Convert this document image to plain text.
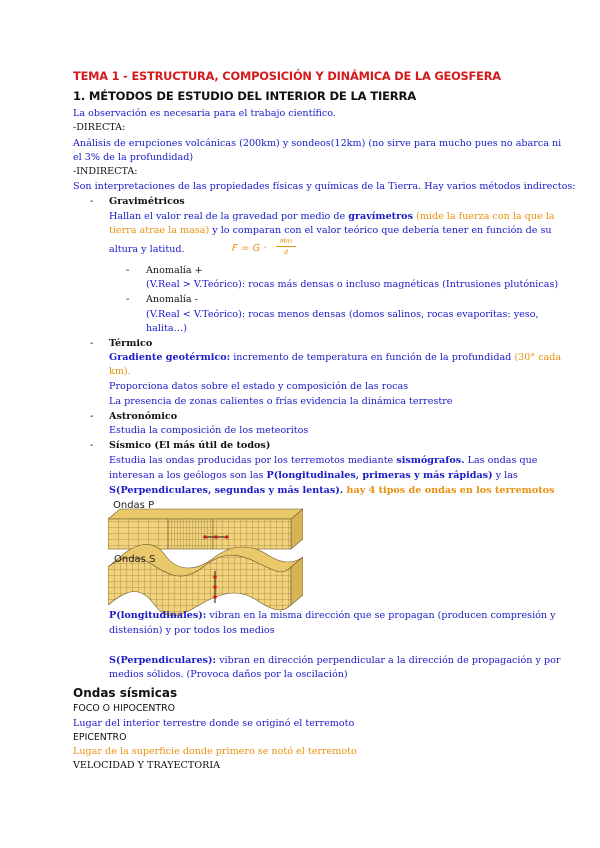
TEMA 1 - ESTRUCTURA, COMPOSICIÓN Y DINÁMICA DE LA GEOSFERA
1. MÉTODOS DE ESTUDIO DEL INTERIOR DE LA TIERRA
La observación es necesaria para el trabajo científico.
-DIRECTA:
Análisis de erupciones volcánicas (200km) y sondeos(12km) (no sirve para mucho pues no abarca ni
el 3% de la profundidad)
-INDIRECTA:
Son interpretaciones de las propiedades físicas y químicas de la Tierra. Hay varios métodos indirectos:
- Gravimétricos
Hallan el valor real de la gravedad por medio de gravímetros (mide la fuerza con la que la
tierra atrae la masa) y lo comparan con el valor teórico que debería tener en función de su
altura y latitud.	F = G ·
Mm
d
- Anomalía +
(V.Real > V.Teórico): rocas más densas o incluso magnéticas (Intrusiones plutónicas)
- Anomalía -
(V.Real < V.Teórico): rocas menos densas (domos salinos, rocas evaporitas: yeso,
halita…)
- Térmico
Gradiente geotérmico: incremento de temperatura en función de la profundidad (30° cada
km).
Proporciona datos sobre el estado y composición de las rocas
La presencia de zonas calientes o frías evidencia la dinámica terrestre
- Astronómico
Estudia la composición de los meteoritos
- Sísmico (El más útil de todos)
Estudia las ondas producidas por los terremotos mediante sismógrafos. Las ondas que
interesan a los geólogos son las P(longitudinales, primeras y más rápidas) y las
S(Perpendiculares, segundas y más lentas). hay 4 tipos de ondas en los terremotos
Ondas P
Ondas S
P(longitudinales): vibran en la misma dirección que se propagan (producen compresión y
distensión) y por todos los medios
S(Perpendiculares): vibran en dirección perpendicular a la dirección de propagación y por
medios sólidos. (Provoca daños por la oscilación)
Ondas sísmicas
FOCO O HIPOCENTRO
Lugar del interior terrestre donde se originó el terremoto
EPICENTRO
Lugar de la superficie donde primero se notó el terremoto
VELOCIDAD Y TRAYECTORIA
